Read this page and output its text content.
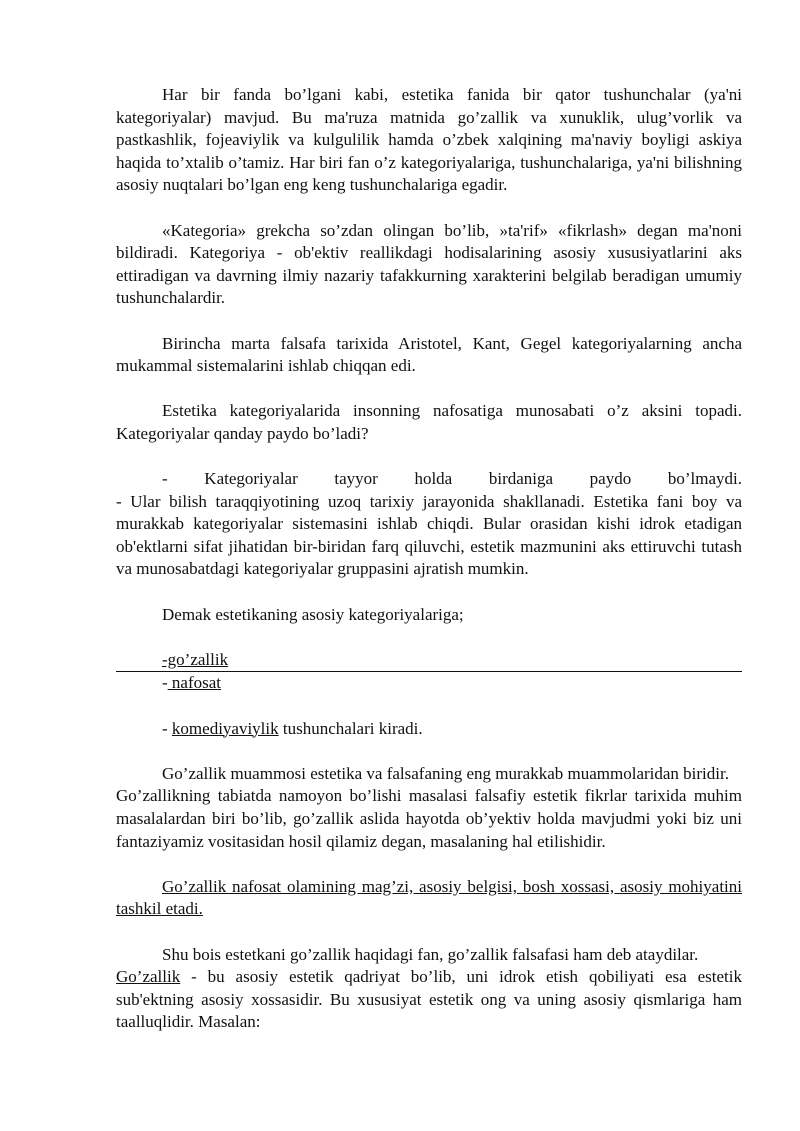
Har bir fanda bo’lgani kabi, estetika fanida bir qator tushunchalar (ya'ni kategoriyalar) mavjud. Bu ma'ruza matnida go’zallik va xunuklik, ulug’vorlik va pastkashlik, fojeaviylik va kulgulilik hamda o’zbek xalqining ma'naviy boyligi askiya haqida to’xtalib o’tamiz. Har biri fan o’z kategoriyalariga, tushunchalariga, ya'ni bilishning asosiy nuqtalari bo’lgan eng keng tushunchalariga egadir.

«Kategoria» grekcha so’zdan olingan bo’lib, »ta'rif» «fikrlash» degan ma'noni bildiradi. Kategoriya - ob'ektiv reallikdagi hodisalarining asosiy xususiyatlarini aks ettiradigan va davrning ilmiy nazariy tafakkurning xarakterini belgilab beradigan umumiy tushunchalardir.

Birincha marta falsafa tarixida Aristotel, Kant, Gegel kategoriyalarning ancha mukammal sistemalarini ishlab chiqqan edi.

Estetika kategoriyalarida insonning nafosatiga munosabati o’z aksini topadi. Kategoriyalar qanday paydo bo’ladi?

- Kategoriyalar tayyor holda birdaniga paydo bo’lmaydi.

- Ular bilish taraqqiyotining uzoq tarixiy jarayonida shakllanadi. Estetika fani boy va murakkab kategoriyalar sistemasini ishlab chiqdi. Bular orasidan kishi idrok etadigan ob'ektlarni sifat jihatidan bir-biridan farq qiluvchi, estetik mazmunini aks ettiruvchi tutash va munosabatdagi kategoriyalar gruppasini ajratish mumkin.

Demak estetikaning asosiy kategoriyalariga;

-go’zallik

- nafosat

- komediyaviylik tushunchalari kiradi.

Go’zallik muammosi estetika va falsafaning eng murakkab muammolaridan biridir.

Go’zallikning tabiatda namoyon bo’lishi masalasi falsafiy estetik fikrlar tarixida muhim masalalardan biri bo’lib, go’zallik aslida hayotda ob’yektiv holda mavjudmi yoki biz uni fantaziyamiz vositasidan hosil qilamiz degan, masalaning hal etilishidir.

Go’zallik nafosat olamining mag’zi, asosiy belgisi, bosh xossasi, asosiy mohiyatini tashkil etadi.

Shu bois estetkani go’zallik haqidagi fan, go’zallik falsafasi ham deb ataydilar.

Go’zallik - bu asosiy estetik qadriyat bo’lib, uni idrok etish qobiliyati esa estetik sub'ektning asosiy xossasidir. Bu xususiyat estetik ong va uning asosiy qismlariga ham taalluqlidir. Masalan:
